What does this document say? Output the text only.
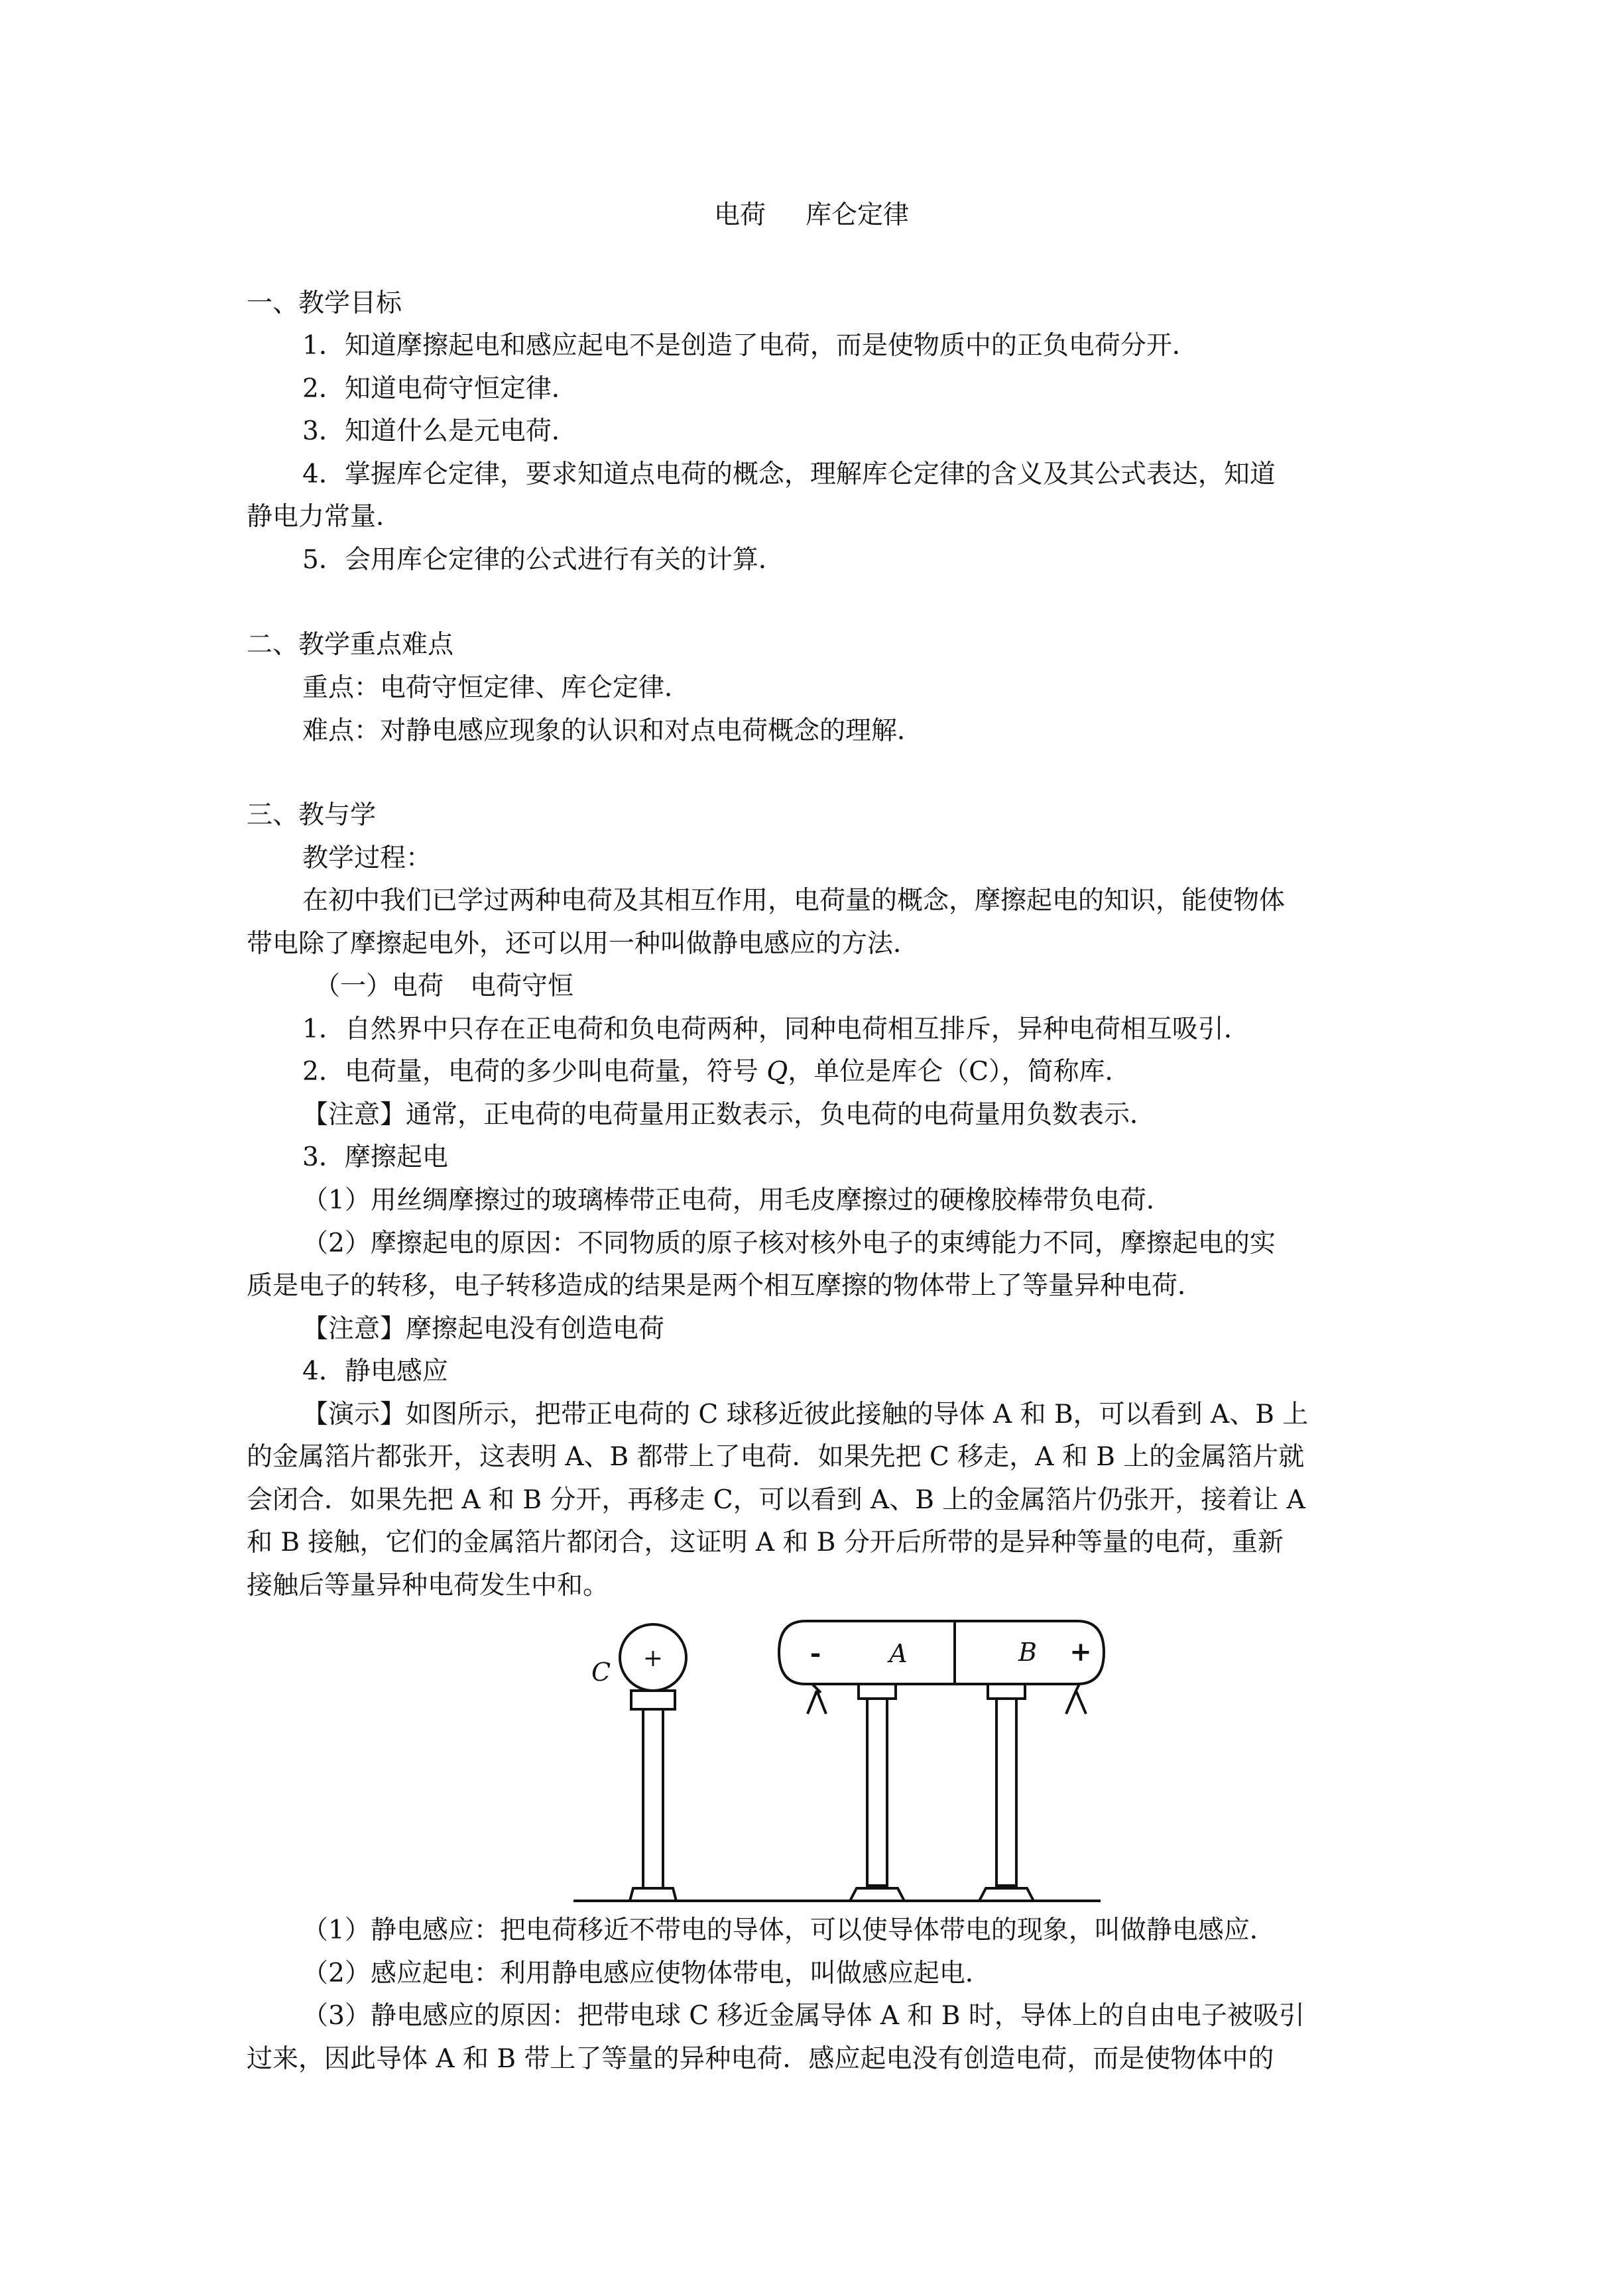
电荷 库仑定律
一、教学目标
1．知道摩擦起电和感应起电不是创造了电荷，而是使物质中的正负电荷分开．
2．知道电荷守恒定律．
3．知道什么是元电荷．
4．掌握库仑定律，要求知道点电荷的概念，理解库仑定律的含义及其公式表达，知道
静电力常量．
5．会用库仑定律的公式进行有关的计算．
二、教学重点难点
重点：电荷守恒定律、库仑定律．
难点：对静电感应现象的认识和对点电荷概念的理解．
三、教与学
教学过程：
在初中我们已学过两种电荷及其相互作用，电荷量的概念，摩擦起电的知识，能使物体
带电除了摩擦起电外，还可以用一种叫做静电感应的方法．
（一）电荷 电荷守恒
1．自然界中只存在正电荷和负电荷两种，同种电荷相互排斥，异种电荷相互吸引．
2．电荷量，电荷的多少叫电荷量，符号 Q，单位是库仑（C），简称库．
【注意】通常，正电荷的电荷量用正数表示，负电荷的电荷量用负数表示．
3．摩擦起电
（1）用丝绸摩擦过的玻璃棒带正电荷，用毛皮摩擦过的硬橡胶棒带负电荷．
（2）摩擦起电的原因：不同物质的原子核对核外电子的束缚能力不同，摩擦起电的实
质是电子的转移，电子转移造成的结果是两个相互摩擦的物体带上了等量异种电荷．
【注意】摩擦起电没有创造电荷
4．静电感应
【演示】如图所示，把带正电荷的 C 球移近彼此接触的导体 A 和 B，可以看到 A、B 上
的金属箔片都张开，这表明 A、B 都带上了电荷．如果先把 C 移走，A 和 B 上的金属箔片就
会闭合．如果先把 A 和 B 分开，再移走 C，可以看到 A、B 上的金属箔片仍张开，接着让 A
和 B 接触，它们的金属箔片都闭合，这证明 A 和 B 分开后所带的是异种等量的电荷，重新
接触后等量异种电荷发生中和。
C +	-	A	B +
（1）静电感应：把电荷移近不带电的导体，可以使导体带电的现象，叫做静电感应．
（2）感应起电：利用静电感应使物体带电，叫做感应起电．
（3）静电感应的原因：把带电球 C 移近金属导体 A 和 B 时，导体上的自由电子被吸引
过来，因此导体 A 和 B 带上了等量的异种电荷．感应起电没有创造电荷，而是使物体中的
